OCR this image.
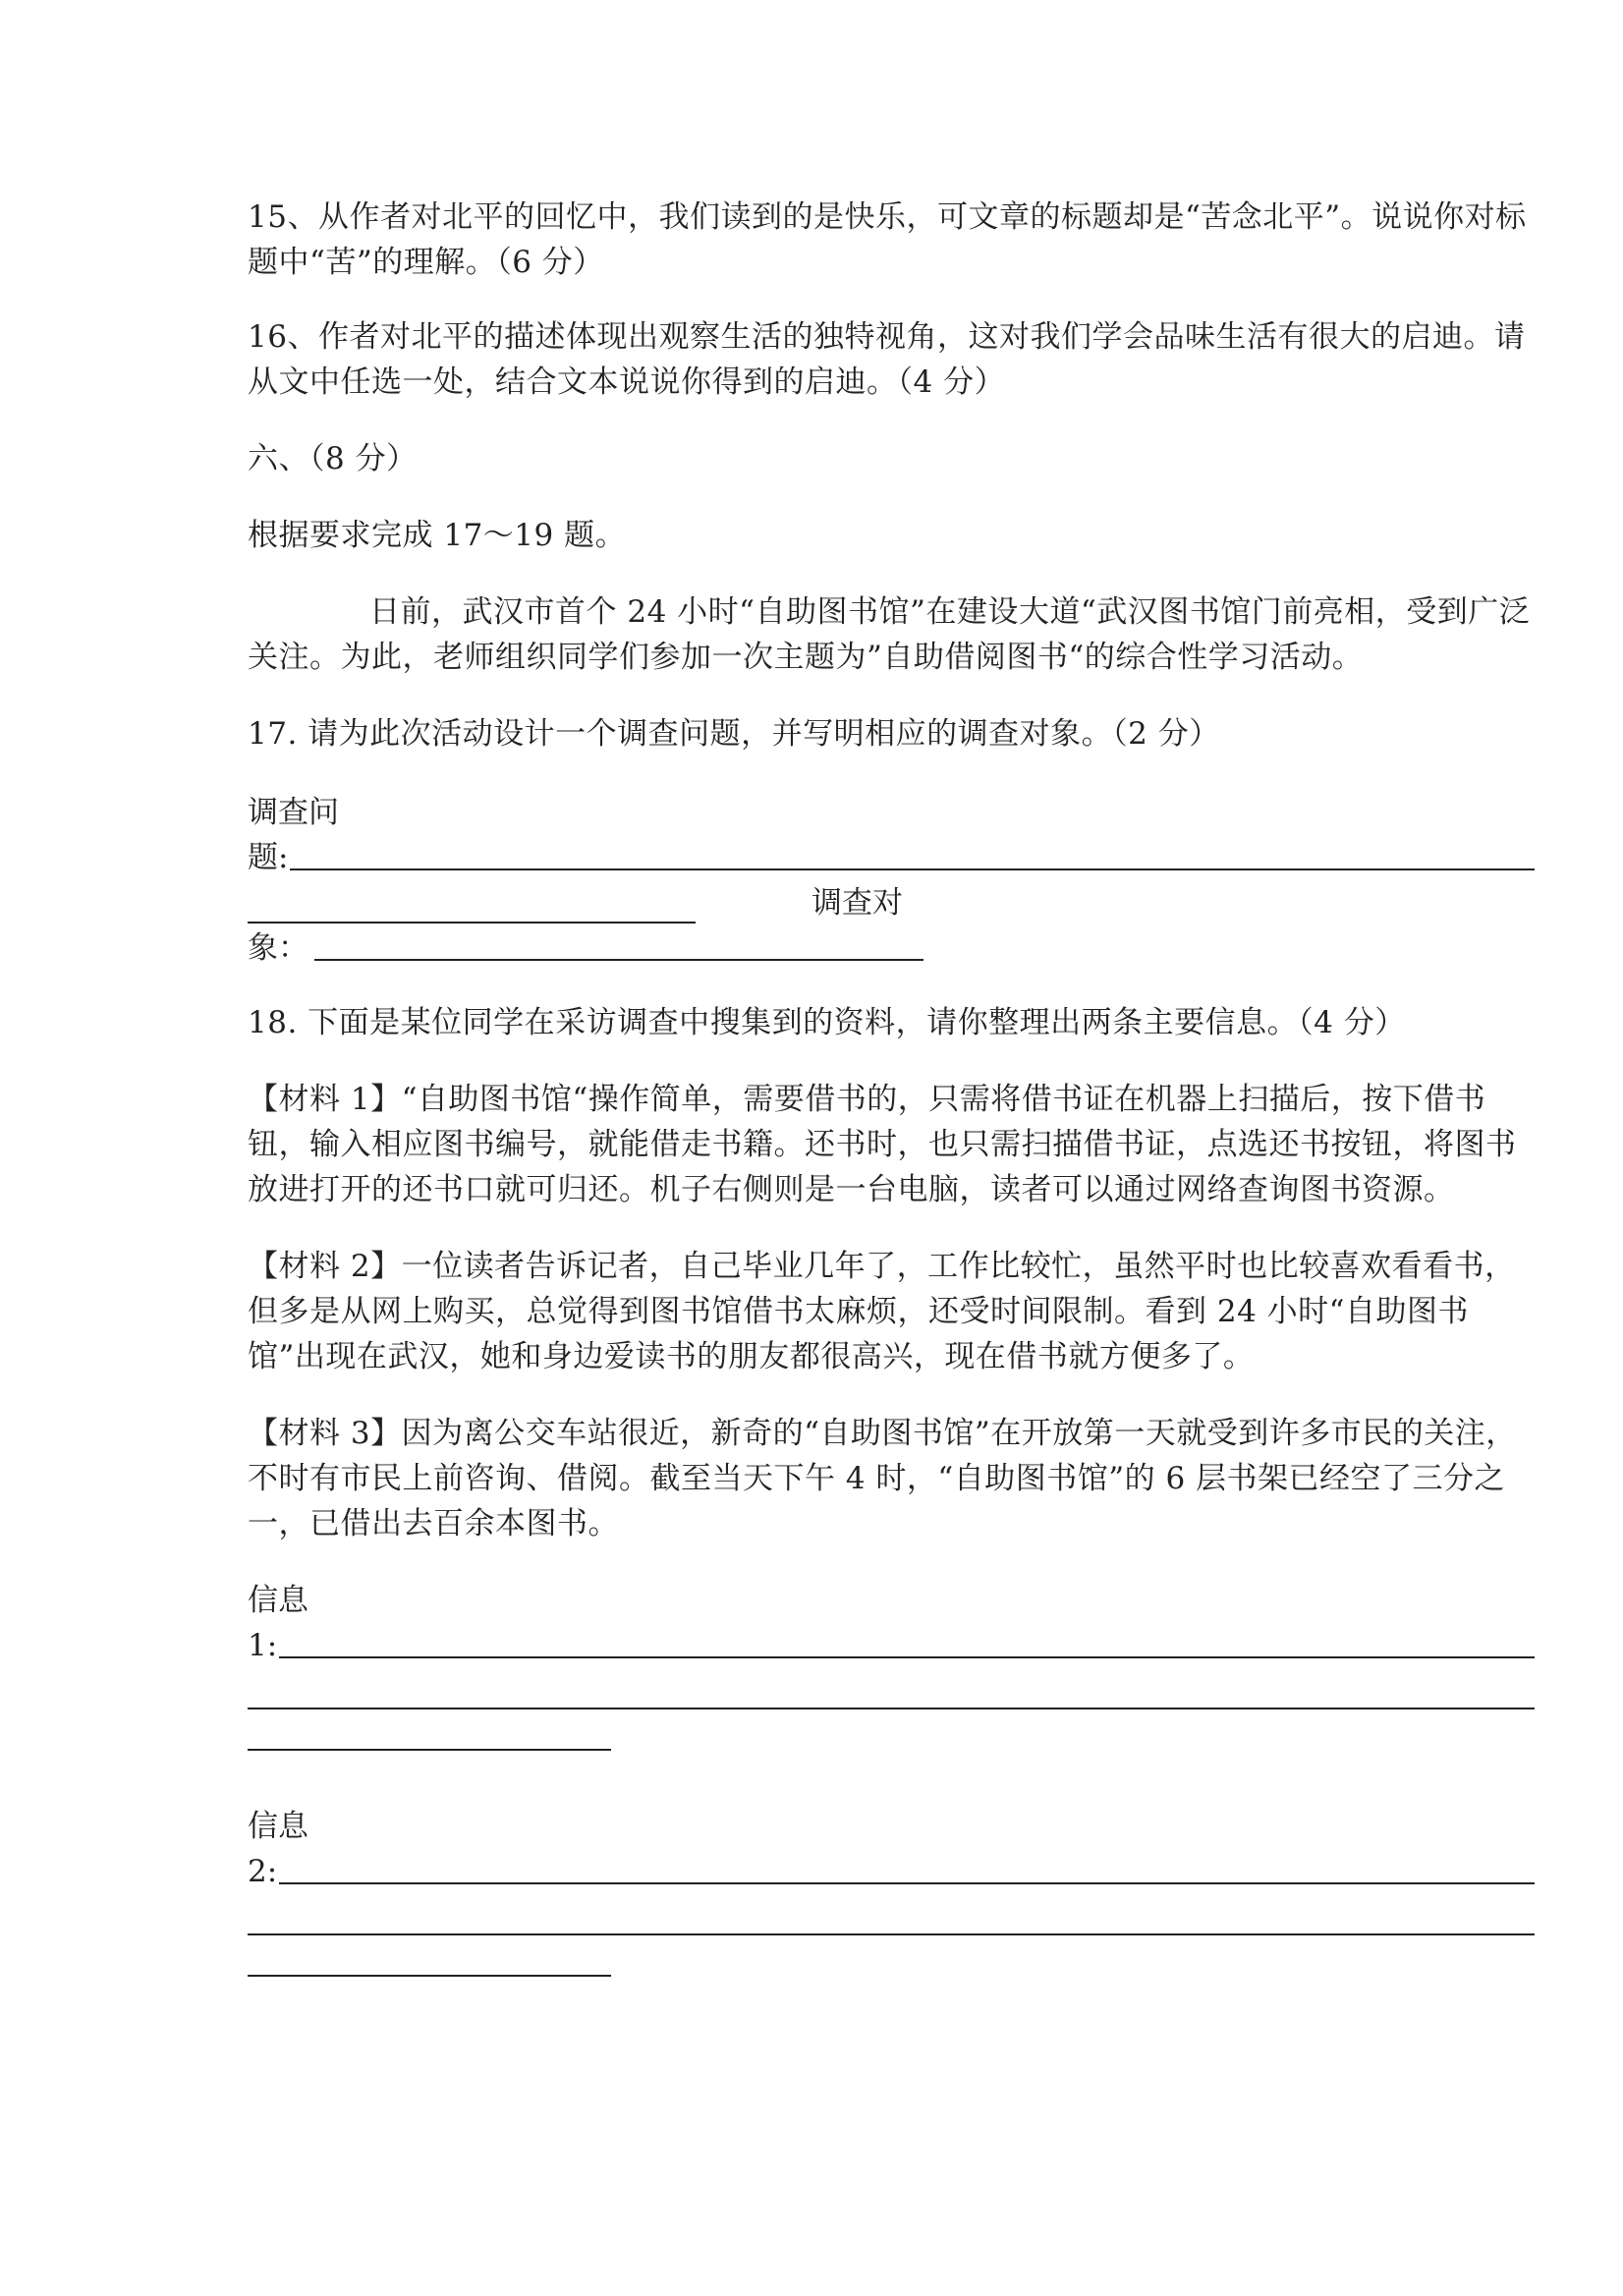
15、从作者对北平的回忆中，我们读到的是快乐，可文章的标题却是“苦念北平”。说说你对标题中“苦”的理解。（6 分）

16、作者对北平的描述体现出观察生活的独特视角，这对我们学会品味生活有很大的启迪。请从文中任选一处，结合文本说说你得到的启迪。（4 分）

六、（8 分）

根据要求完成 17～19 题。

日前，武汉市首个 24 小时“自助图书馆”在建设大道“武汉图书馆门前亮相，受到广泛关注。为此，老师组织同学们参加一次主题为”自助借阅图书“的综合性学习活动。

17. 请为此次活动设计一个调查问题，并写明相应的调查对象。（2 分）

调查问
题:
调查对
象：

18. 下面是某位同学在采访调查中搜集到的资料，请你整理出两条主要信息。（4 分）

【材料 1】“自助图书馆“操作简单，需要借书的，只需将借书证在机器上扫描后，按下借书钮，输入相应图书编号，就能借走书籍。还书时，也只需扫描借书证，点选还书按钮，将图书放进打开的还书口就可归还。机子右侧则是一台电脑，读者可以通过网络查询图书资源。

【材料 2】一位读者告诉记者，自己毕业几年了，工作比较忙，虽然平时也比较喜欢看看书，但多是从网上购买，总觉得到图书馆借书太麻烦，还受时间限制。看到 24 小时“自助图书馆”出现在武汉，她和身边爱读书的朋友都很高兴，现在借书就方便多了。

【材料 3】因为离公交车站很近，新奇的“自助图书馆”在开放第一天就受到许多市民的关注，不时有市民上前咨询、借阅。截至当天下午 4 时，“自助图书馆”的 6 层书架已经空了三分之一，已借出去百余本图书。

信息
1:
信息
2:
